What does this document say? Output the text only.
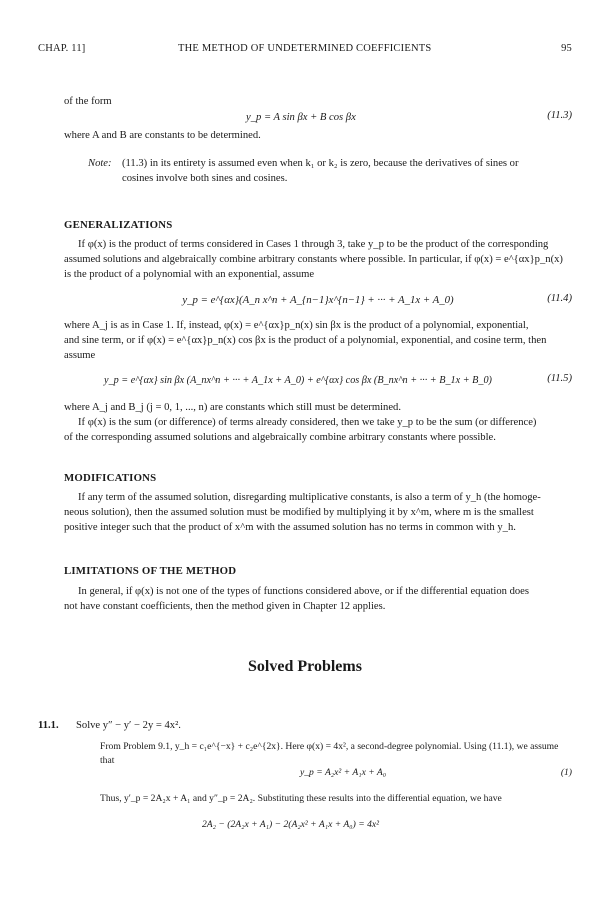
CHAP. 11]	THE METHOD OF UNDETERMINED COEFFICIENTS	95
of the form
y_p = A sin βx + B cos βx	(11.3)
where A and B are constants to be determined.
Note: (11.3) in its entirety is assumed even when k₁ or k₂ is zero, because the derivatives of sines or
cosines involve both sines and cosines.
GENERALIZATIONS
If φ(x) is the product of terms considered in Cases 1 through 3, take y_p to be the product of the corresponding
assumed solutions and algebraically combine arbitrary constants where possible. In particular, if φ(x) = e^{αx}p_n(x)
is the product of a polynomial with an exponential, assume
y_p = e^{αx}(A_n x^n + A_{n−1}x^{n−1} + ··· + A_1x + A_0)	(11.4)
where A_j is as in Case 1. If, instead, φ(x) = e^{αx}p_n(x) sin βx is the product of a polynomial, exponential,
and sine term, or if φ(x) = e^{αx}p_n(x) cos βx is the product of a polynomial, exponential, and cosine term, then
assume
y_p = e^{αx} sin βx (A_nx^n + ··· + A_1x + A_0) + e^{αx} cos βx (B_nx^n + ··· + B_1x + B_0)	(11.5)
where A_j and B_j (j = 0, 1, ..., n) are constants which still must be determined.
If φ(x) is the sum (or difference) of terms already considered, then we take y_p to be the sum (or difference)
of the corresponding assumed solutions and algebraically combine arbitrary constants where possible.
MODIFICATIONS
If any term of the assumed solution, disregarding multiplicative constants, is also a term of y_h (the homoge-
neous solution), then the assumed solution must be modified by multiplying it by x^m, where m is the smallest
positive integer such that the product of x^m with the assumed solution has no terms in common with y_h.
LIMITATIONS OF THE METHOD
In general, if φ(x) is not one of the types of functions considered above, or if the differential equation does
not have constant coefficients, then the method given in Chapter 12 applies.
Solved Problems
11.1. Solve y″ − y′ − 2y = 4x².
From Problem 9.1, y_h = c₁e^{−x} + c₂e^{2x}. Here φ(x) = 4x², a second-degree polynomial. Using (11.1), we assume that
y_p = A₂x² + A₁x + A₀	(1)
Thus, y′_p = 2A₂x + A₁ and y″_p = 2A₂. Substituting these results into the differential equation, we have
2A₂ − (2A₂x + A₁) − 2(A₂x² + A₁x + A₀) = 4x²
